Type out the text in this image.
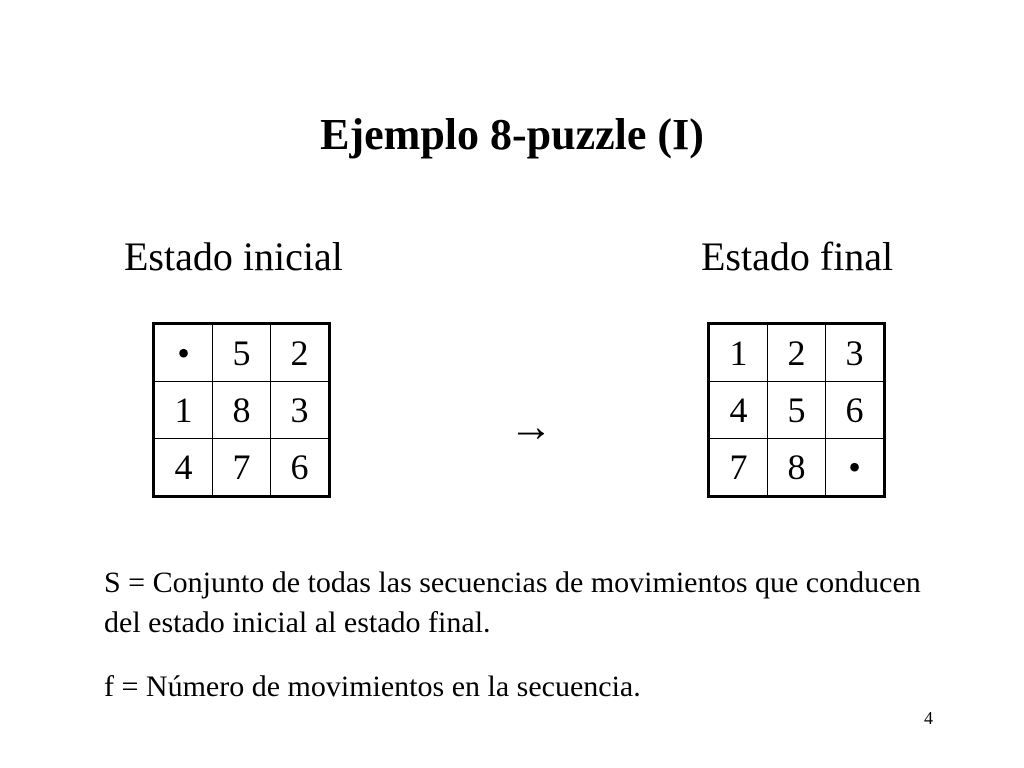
Ejemplo 8-puzzle (I)
Estado inicial	Estado final
•	5	2
1	8	3
4	7	6
→
1	2	3
4	5	6
7	8	•

S = Conjunto de todas las secuencias de movimientos que conducen del estado inicial al estado final.

f = Número de movimientos en la secuencia.

4
